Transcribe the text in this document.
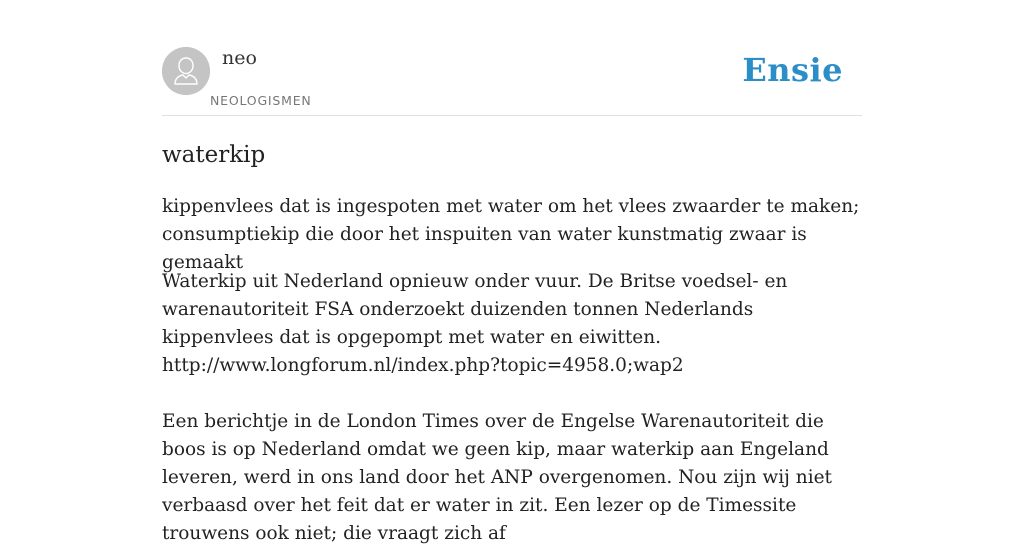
neo
NEOLOGISMEN
Ensie
waterkip
kippenvlees dat is ingespoten met water om het vlees zwaarder te maken; consumptiekip die door het inspuiten van water kunstmatig zwaar is gemaakt

Waterkip uit Nederland opnieuw onder vuur. De Britse voedsel- en warenautoriteit FSA onderzoekt duizenden tonnen Nederlands kippenvlees dat is opgepompt met water en eiwitten.

http://www.longforum.nl/index.php?topic=4958.0;wap2

Een berichtje in de London Times over de Engelse Warenautoriteit die boos is op Nederland omdat we geen kip, maar waterkip aan Engeland leveren, werd in ons land door het ANP overgenomen. Nou zijn wij niet verbaasd over het feit dat er water in zit. Een lezer op de Timessite trouwens ook niet; die vraagt zich af
